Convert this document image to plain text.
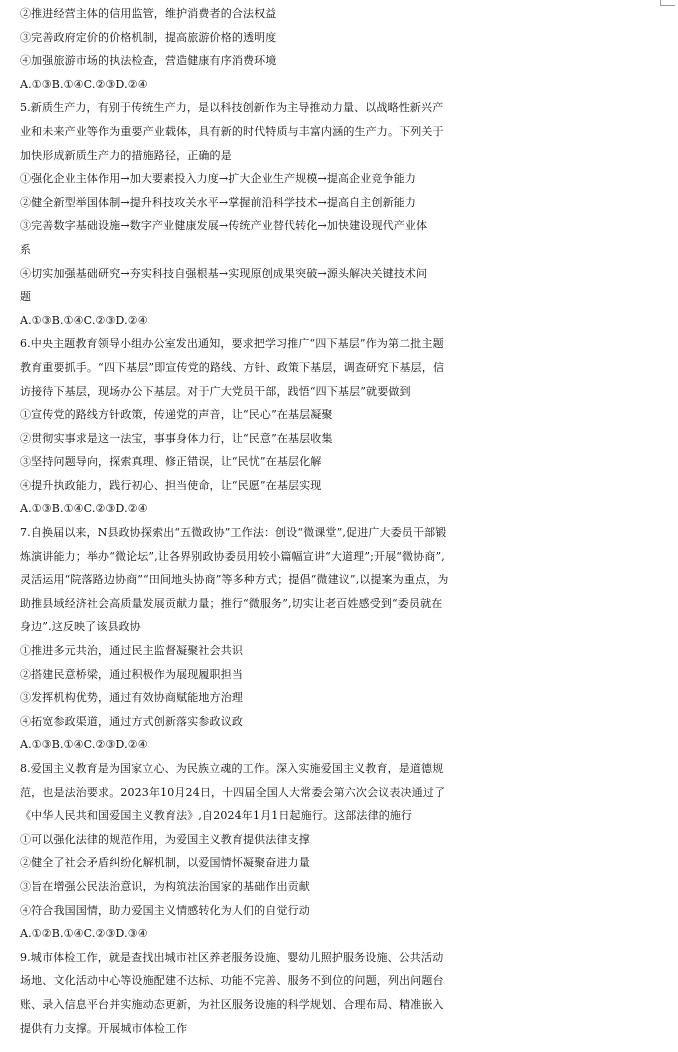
②推进经营主体的信用监管，维护消费者的合法权益
③完善政府定价的价格机制，提高旅游价格的透明度
④加强旅游市场的执法检查，营造健康有序消费环境
A.①③B.①④C.②③D.②④
5.新质生产力，有别于传统生产力，是以科技创新作为主导推动力量、以战略性新兴产
业和未来产业等作为重要产业载体，具有新的时代特质与丰富内涵的生产力。下列关于
加快形成新质生产力的措施路径，正确的是
①强化企业主体作用→加大要素投入力度→扩大企业生产规模→提高企业竞争能力
②健全新型举国体制→提升科技攻关水平→掌握前沿科学技术→提高自主创新能力
③完善数字基础设施→数字产业健康发展→传统产业替代转化→加快建设现代产业体
系
④切实加强基础研究→夯实科技自强根基→实现原创成果突破→源头解决关键技术问
题
A.①③B.①④C.②③D.②④
6.中央主题教育领导小组办公室发出通知，要求把学习推广“四下基层”作为第二批主题
教育重要抓手。“四下基层”即宣传党的路线、方针、政策下基层，调查研究下基层，信
访接待下基层，现场办公下基层。对于广大党员干部，践悟“四下基层”就要做到
①宣传党的路线方针政策，传递党的声音，让“民心”在基层凝聚
②贯彻实事求是这一法宝，事事身体力行，让“民意”在基层收集
③坚持问题导向，探索真理、修正错误，让“民忧”在基层化解
④提升执政能力，践行初心、担当使命，让“民愿”在基层实现
A.①③B.①④C.②③D.②④
7.自换届以来，N县政协探索出“五微政协”工作法：创设“微课堂”,促进广大委员干部锻
炼演讲能力；举办“微论坛”,让各界别政协委员用较小篇幅宣讲“大道理”;开展“微协商”,
灵活运用“院落路边协商”“田间地头协商”等多种方式；提倡“微建议”,以提案为重点，为
助推县域经济社会高质量发展贡献力量；推行“微服务”,切实让老百姓感受到“委员就在
身边”.这反映了该县政协
①推进多元共治，通过民主监督凝聚社会共识
②搭建民意桥梁，通过积极作为展现履职担当
③发挥机构优势，通过有效协商赋能地方治理
④拓宽参政渠道，通过方式创新落实参政议政
A.①③B.①④C.②③D.②④
8.爱国主义教育是为国家立心、为民族立魂的工作。深入实施爱国主义教育，是道德规
范，也是法治要求。2023年10月24日，十四届全国人大常委会第六次会议表决通过了
《中华人民共和国爱国主义教育法》,自2024年1月1日起施行。这部法律的施行
①可以强化法律的规范作用，为爱国主义教育提供法律支撑
②健全了社会矛盾纠纷化解机制，以爱国情怀凝聚奋进力量
③旨在增强公民法治意识，为构筑法治国家的基础作出贡献
④符合我国国情，助力爱国主义情感转化为人们的自觉行动
A.①②B.①④C.②③D.③④
9.城市体检工作，就是查找出城市社区养老服务设施、婴幼儿照护服务设施、公共活动
场地、文化活动中心等设施配建不达标、功能不完善、服务不到位的问题，列出问题台
账、录入信息平台并实施动态更新，为社区服务设施的科学规划、合理布局、精准嵌入
提供有力支撑。开展城市体检工作
